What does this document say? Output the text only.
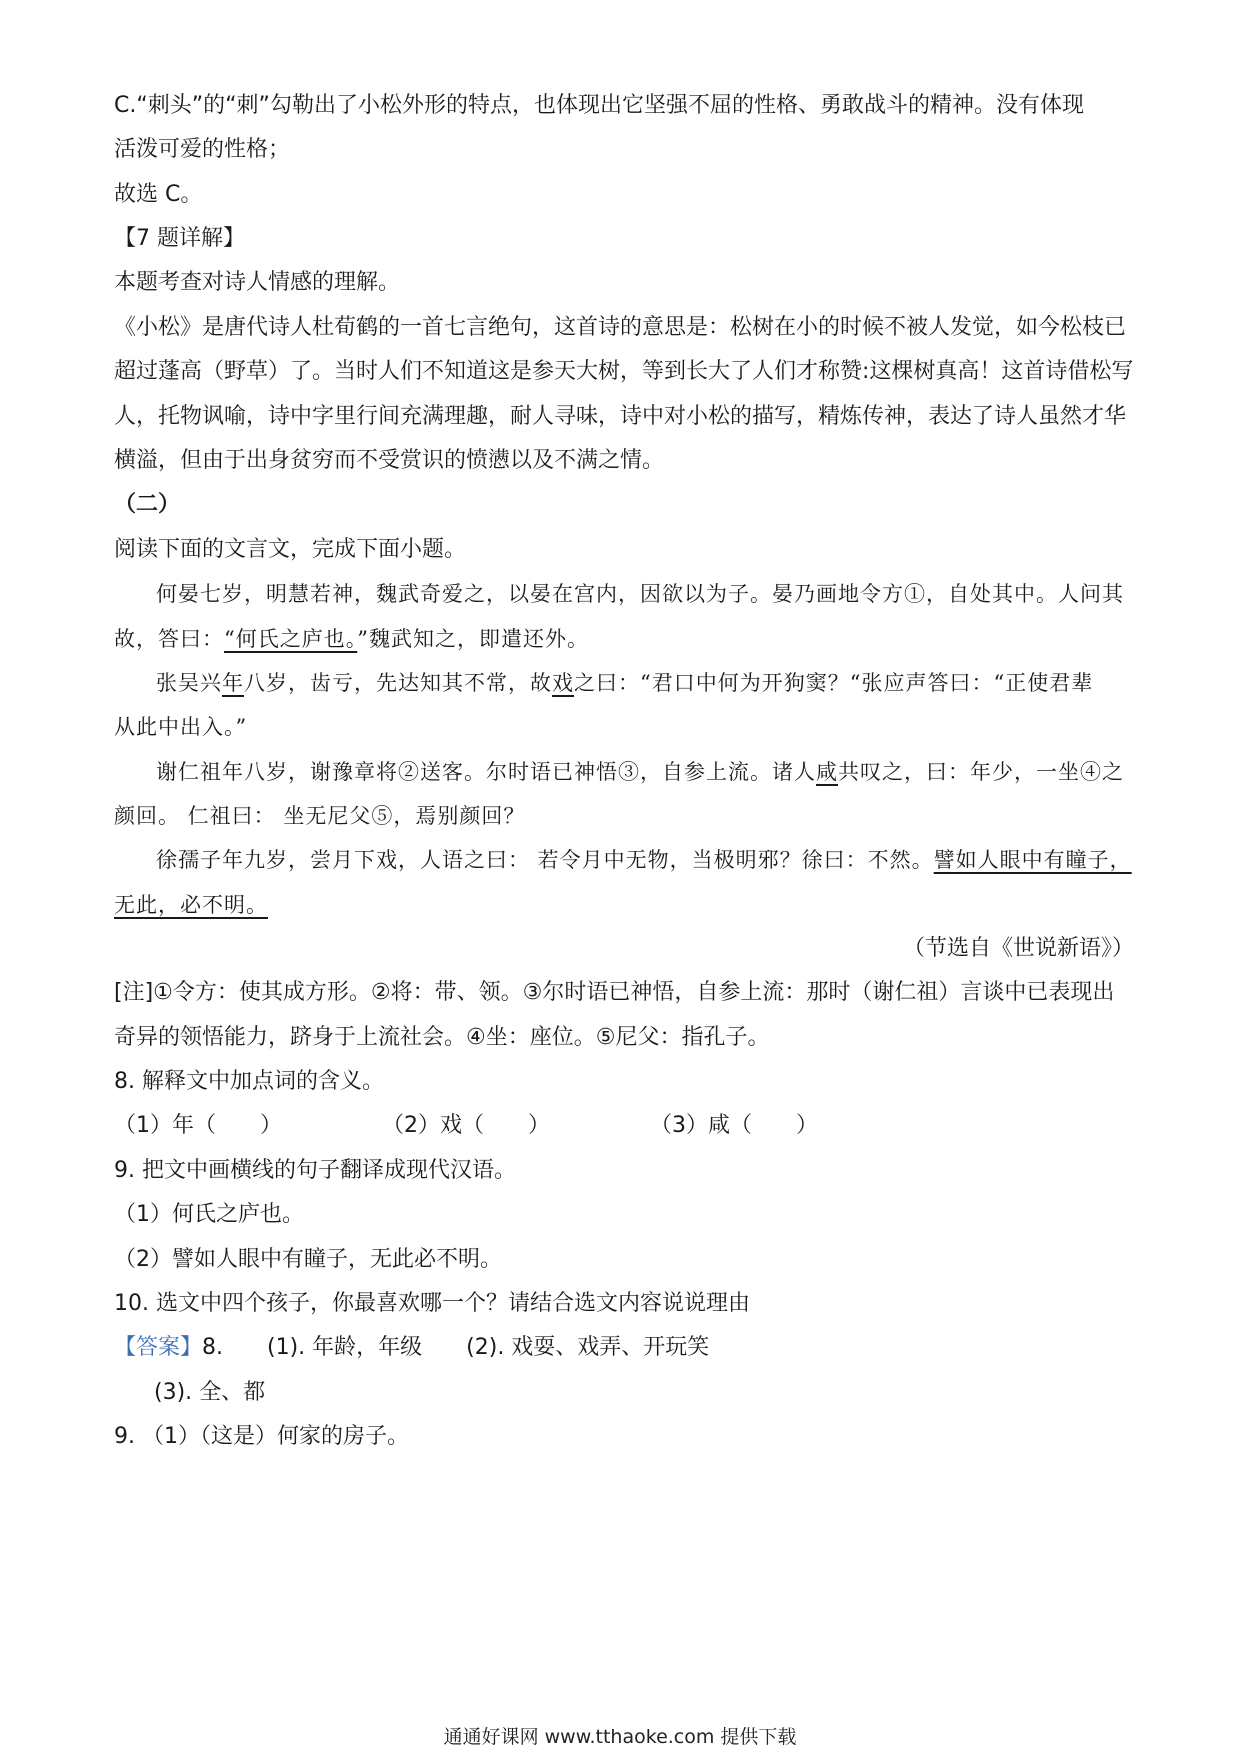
C.“刺头”的“刺”勾勒出了小松外形的特点，也体现出它坚强不屈的性格、勇敢战斗的精神。没有体现
活泼可爱的性格；
故选 C。
【7 题详解】
本题考查对诗人情感的理解。
《小松》是唐代诗人杜荀鹤的一首七言绝句，这首诗的意思是：松树在小的时候不被人发觉，如今松枝已
超过蓬高（野草）了。当时人们不知道这是参天大树，等到长大了人们才称赞:这棵树真高！这首诗借松写
人，托物讽喻，诗中字里行间充满理趣，耐人寻味，诗中对小松的描写，精炼传神，表达了诗人虽然才华
横溢，但由于出身贫穷而不受赏识的愤懑以及不满之情。
（二）
阅读下面的文言文，完成下面小题。
何晏七岁，明慧若神，魏武奇爱之，以晏在宫内，因欲以为子。晏乃画地令方①，自处其中。人问其
故，答曰：“何氏之庐也。”魏武知之，即遣还外。
张吴兴年八岁，齿亏，先达知其不常，故戏之曰：“君口中何为开狗窦？“张应声答曰：“正使君辈
从此中出入。”
谢仁祖年八岁，谢豫章将②送客。尔时语已神悟③，自参上流。诸人咸共叹之，曰：年少，一坐④之
颜回。 仁祖曰： 坐无尼父⑤，焉别颜回？
徐孺子年九岁，尝月下戏，人语之曰： 若令月中无物，当极明邪？徐曰：不然。譬如人眼中有瞳子，
无此，必不明。
（节选自《世说新语》）
[注]①令方：使其成方形。②将：带、领。③尔时语已神悟，自参上流：那时（谢仁祖）言谈中已表现出
奇异的领悟能力，跻身于上流社会。④坐：座位。⑤尼父：指孔子。
8. 解释文中加点词的含义。
（1）年（　　）	（2）戏（　　）	（3）咸（　　）
9. 把文中画横线的句子翻译成现代汉语。
（1）何氏之庐也。
（2）譬如人眼中有瞳子，无此必不明。
10. 选文中四个孩子，你最喜欢哪一个？请结合选文内容说说理由
【答案】8.　　(1). 年龄，年级　　(2). 戏耍、戏弄、开玩笑
(3). 全、都
9. （1）（这是）何家的房子。
通通好课网 www.tthaoke.com 提供下载
